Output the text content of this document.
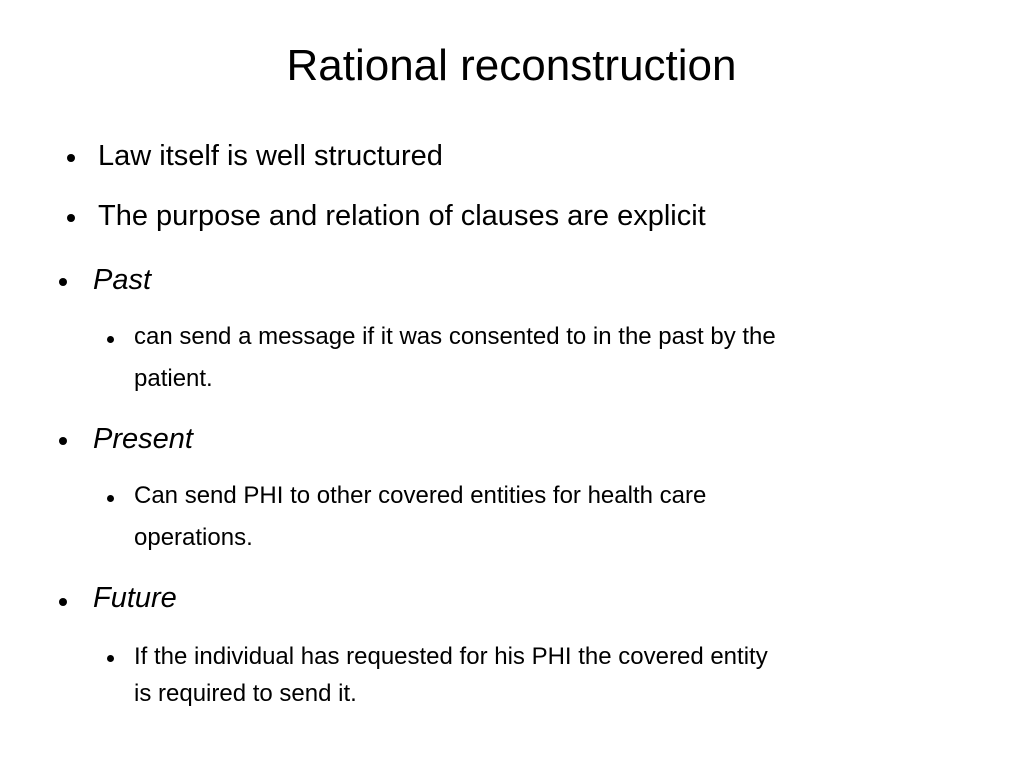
Rational reconstruction
Law itself is well structured
The purpose and relation of clauses are explicit
Past
can send a message if it was consented to in the past by the
patient.
Present
Can send PHI to other covered entities for health care
operations.
Future
If the individual has requested for his PHI the covered entity
is required to send it.
